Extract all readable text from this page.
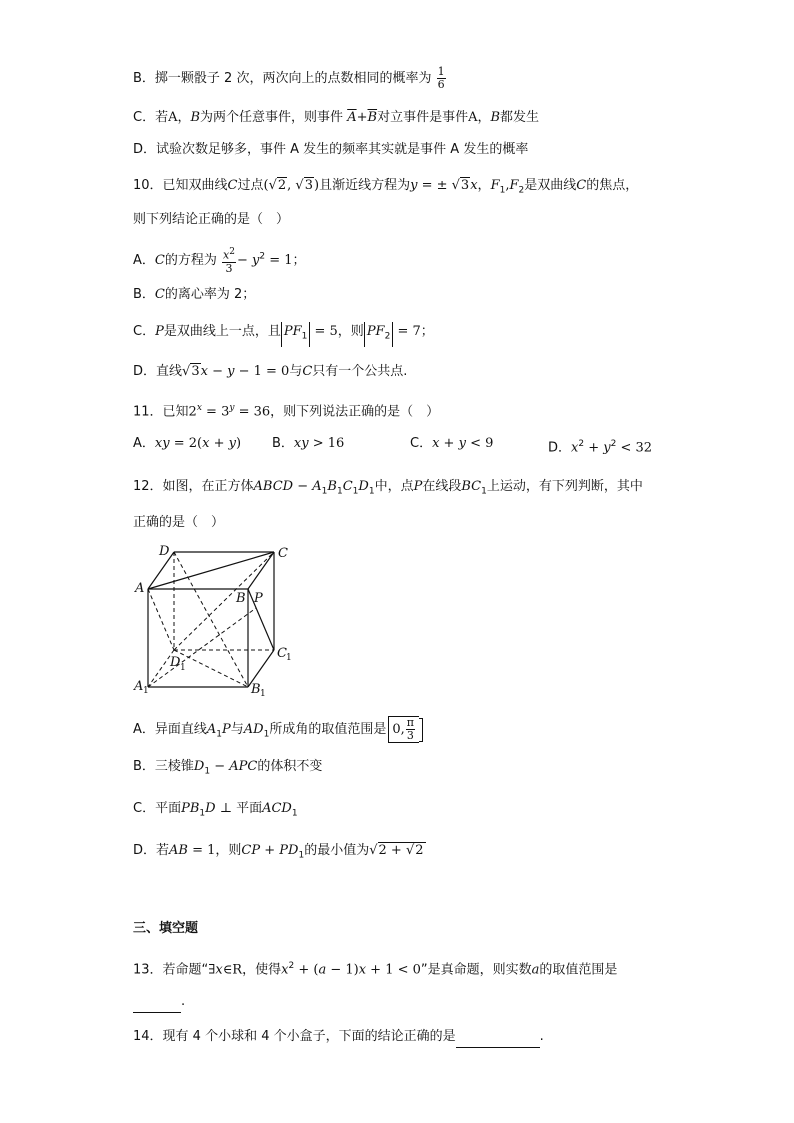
B．掷一颗骰子 2 次，两次向上的点数相同的概率为 $\frac{1}{6}$
C．若A，B为两个任意事件，则事件 $\overline{A}+\overline{B}$对立事件是事件A，B都发生
D．试验次数足够多，事件 A 发生的频率其实就是事件 A 发生的概率
10．已知双曲线C过点(√2, √3)且渐近线方程为y = ± √3x，$F_1,F_2$是双曲线C的焦点，
则下列结论正确的是（　）
A．C的方程为 $\frac{x^2}{3} - y^2 = 1$；
B．C的离心率为 2；
C．P是双曲线上一点，且 $PF_1 = 5$，则 $PF_2 = 7$；
D．直线√3x − y − 1 = 0与C只有一个公共点.
11．已知$2^x = 3^y = 36$，则下列说法正确的是（　）
A．xy = 2(x + y) B．xy > 16	C．x + y < 9	D．$x^2 + y^2 < 32$
12．如图，在正方体ABCD − $A_1B_1C_1D_1$中，点P在线段$BC_1$上运动，有下列判断，其中
正确的是（　）
D	C
A
B P
C 1
D 1
A 1	B 1
A．异面直线$A_1P$与$AD_1$所成角的取值范围是 0, $\frac{\pi}{3}$
B．三棱锥$D_1$ − APC的体积不变
C．平面$PB_1D$ ⊥ 平面$ACD_1$
D．若AB = 1，则CP + $PD_1$的最小值为√2 + √2
三、填空题
13．若命题“∃x∈R，使得$x^2 + (a - 1)x + 1 < 0$”是真命题，则实数a的取值范围是
.
14．现有 4 个小球和 4 个小盒子，下面的结论正确的是	.
